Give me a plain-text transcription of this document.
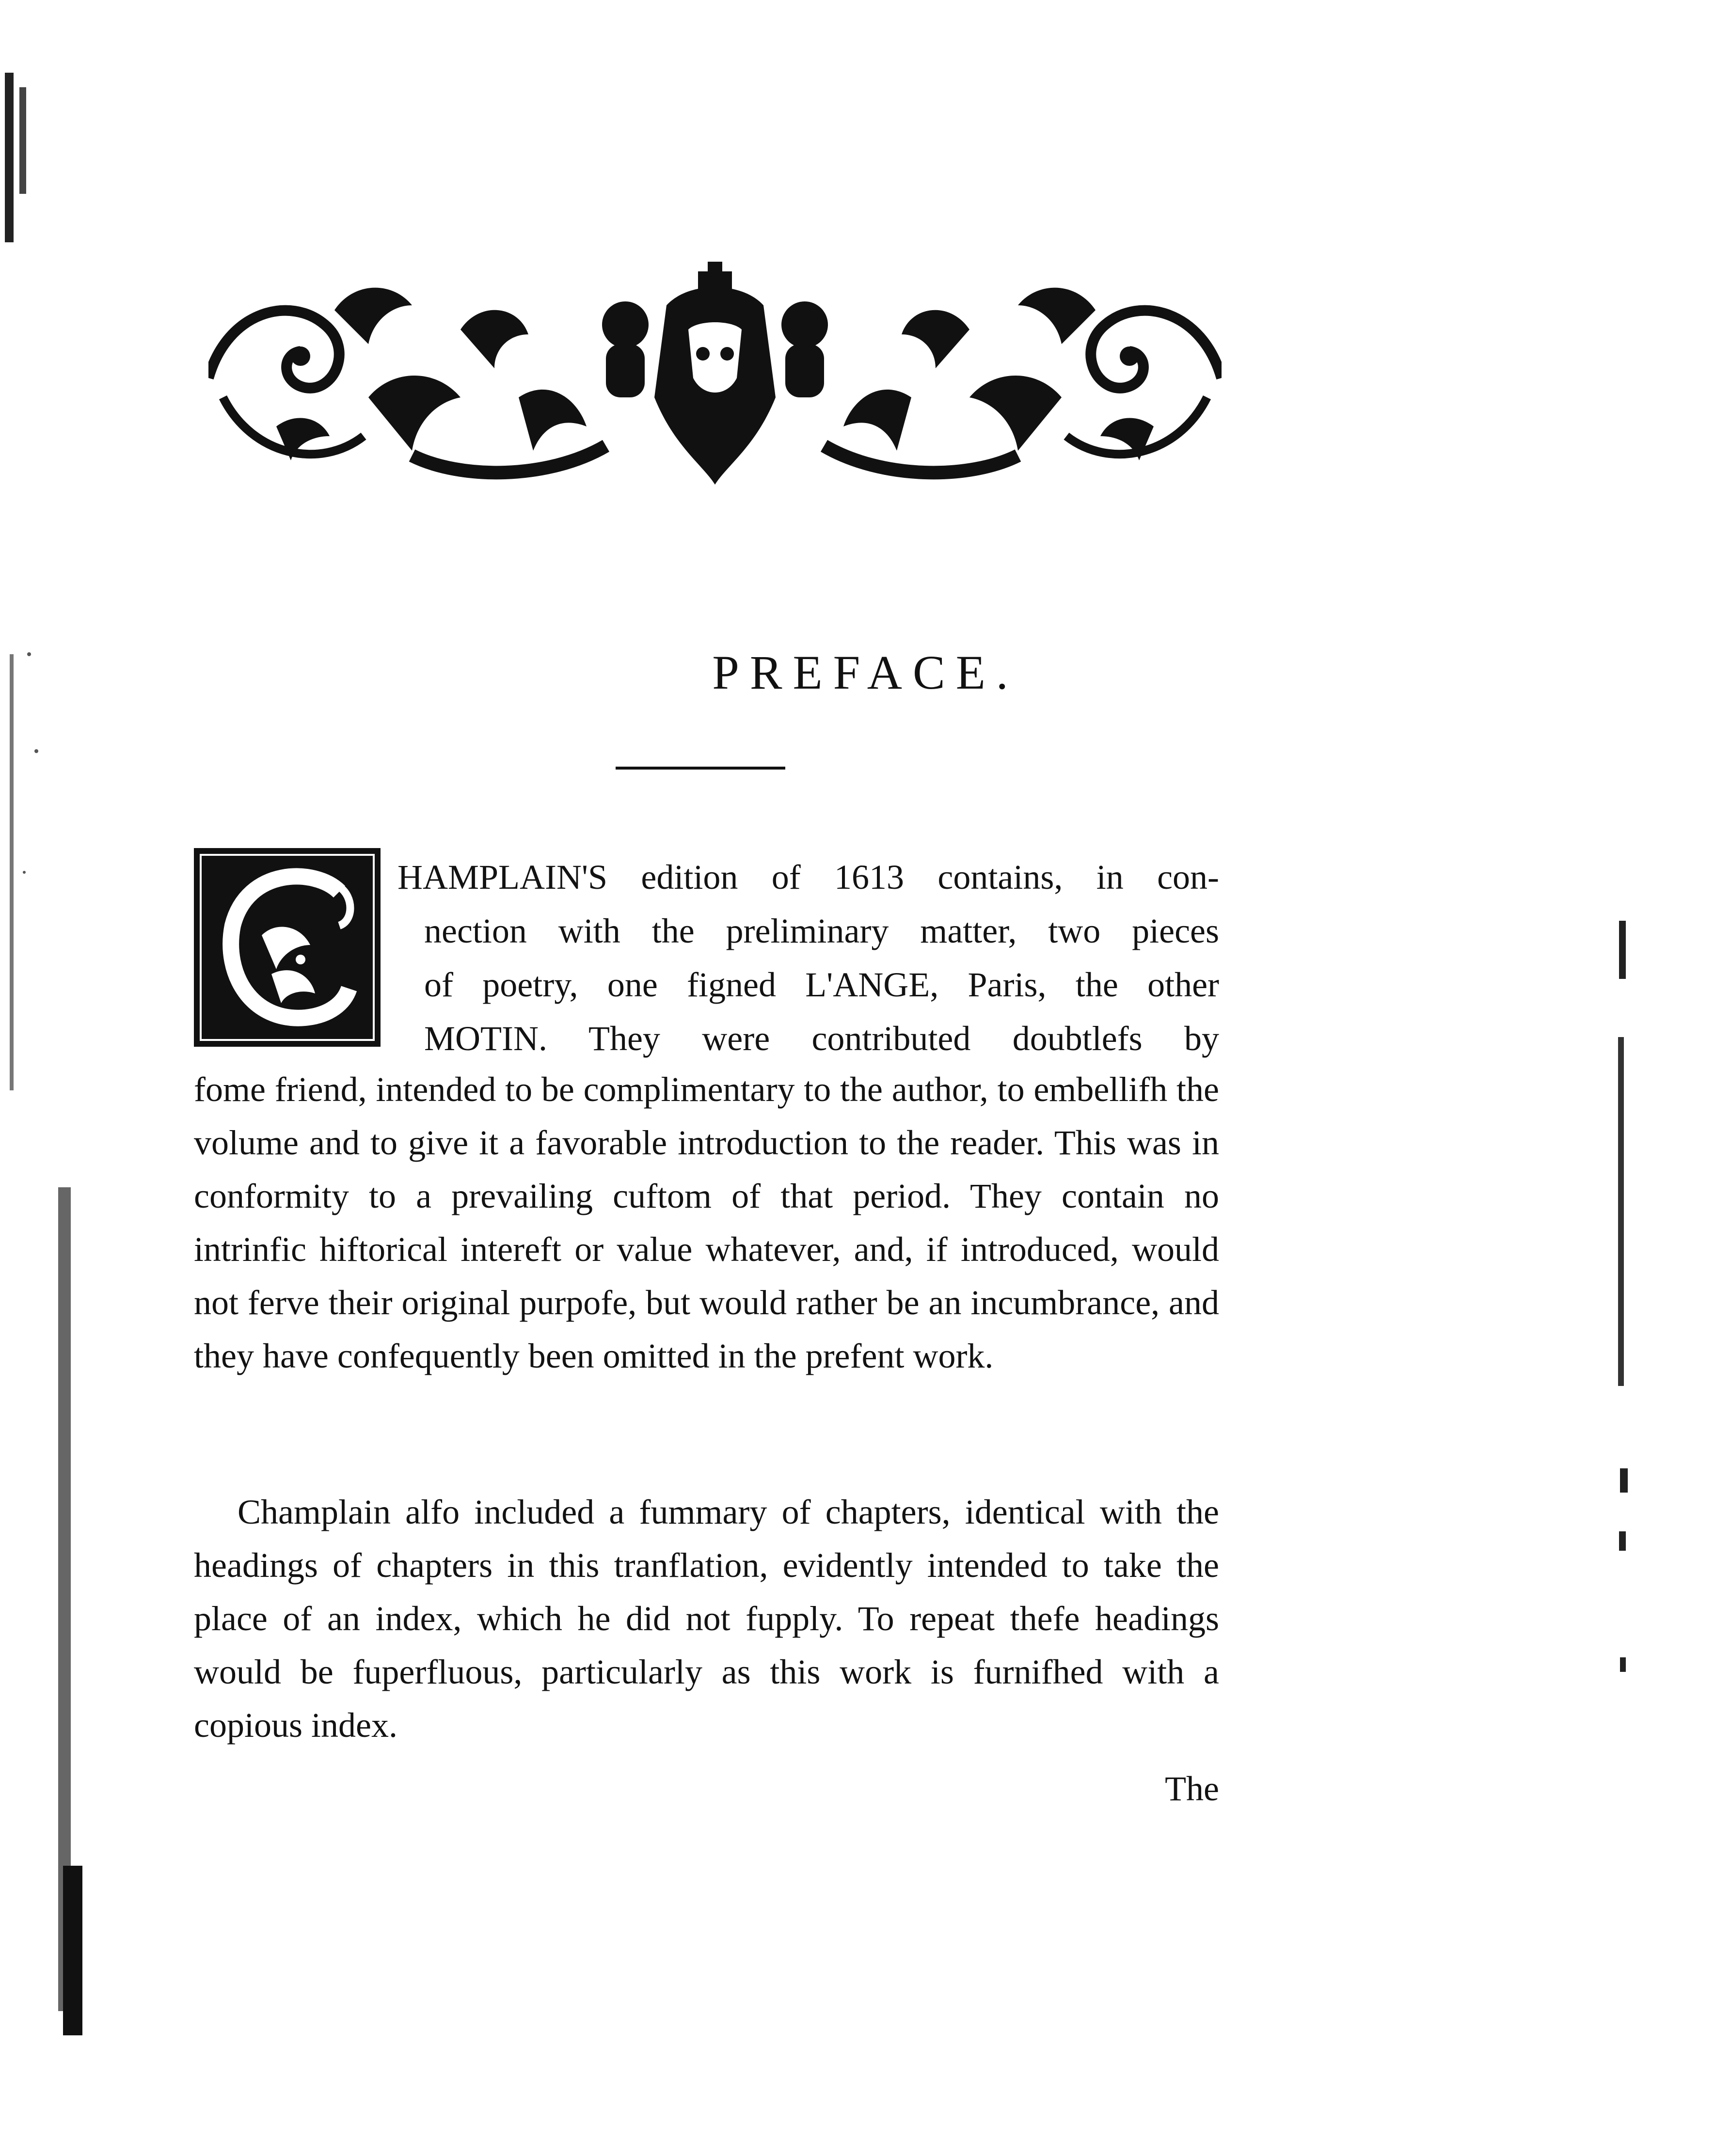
PREFACE.
HAMPLAIN'S edition of 1613 contains, in con-
nection with the preliminary matter, two pieces
of poetry, one figned L'ANGE, Paris, the other
MOTIN. They were contributed doubtlefs by

fome friend, intended to be complimentary to the author, to embellifh the volume and to give it a favorable introduction to the reader. This was in conformity to a prevailing cuftom of that period. They contain no intrinfic hiftorical intereft or value whatever, and, if introduced, would not ferve their original purpofe, but would rather be an incumbrance, and they have confequently been omitted in the prefent work.

Champlain alfo included a fummary of chapters, identical with the headings of chapters in this tranflation, evidently intended to take the place of an index, which he did not fupply. To repeat thefe headings would be fuperfluous, particularly as this work is furnifhed with a copious index.

The
